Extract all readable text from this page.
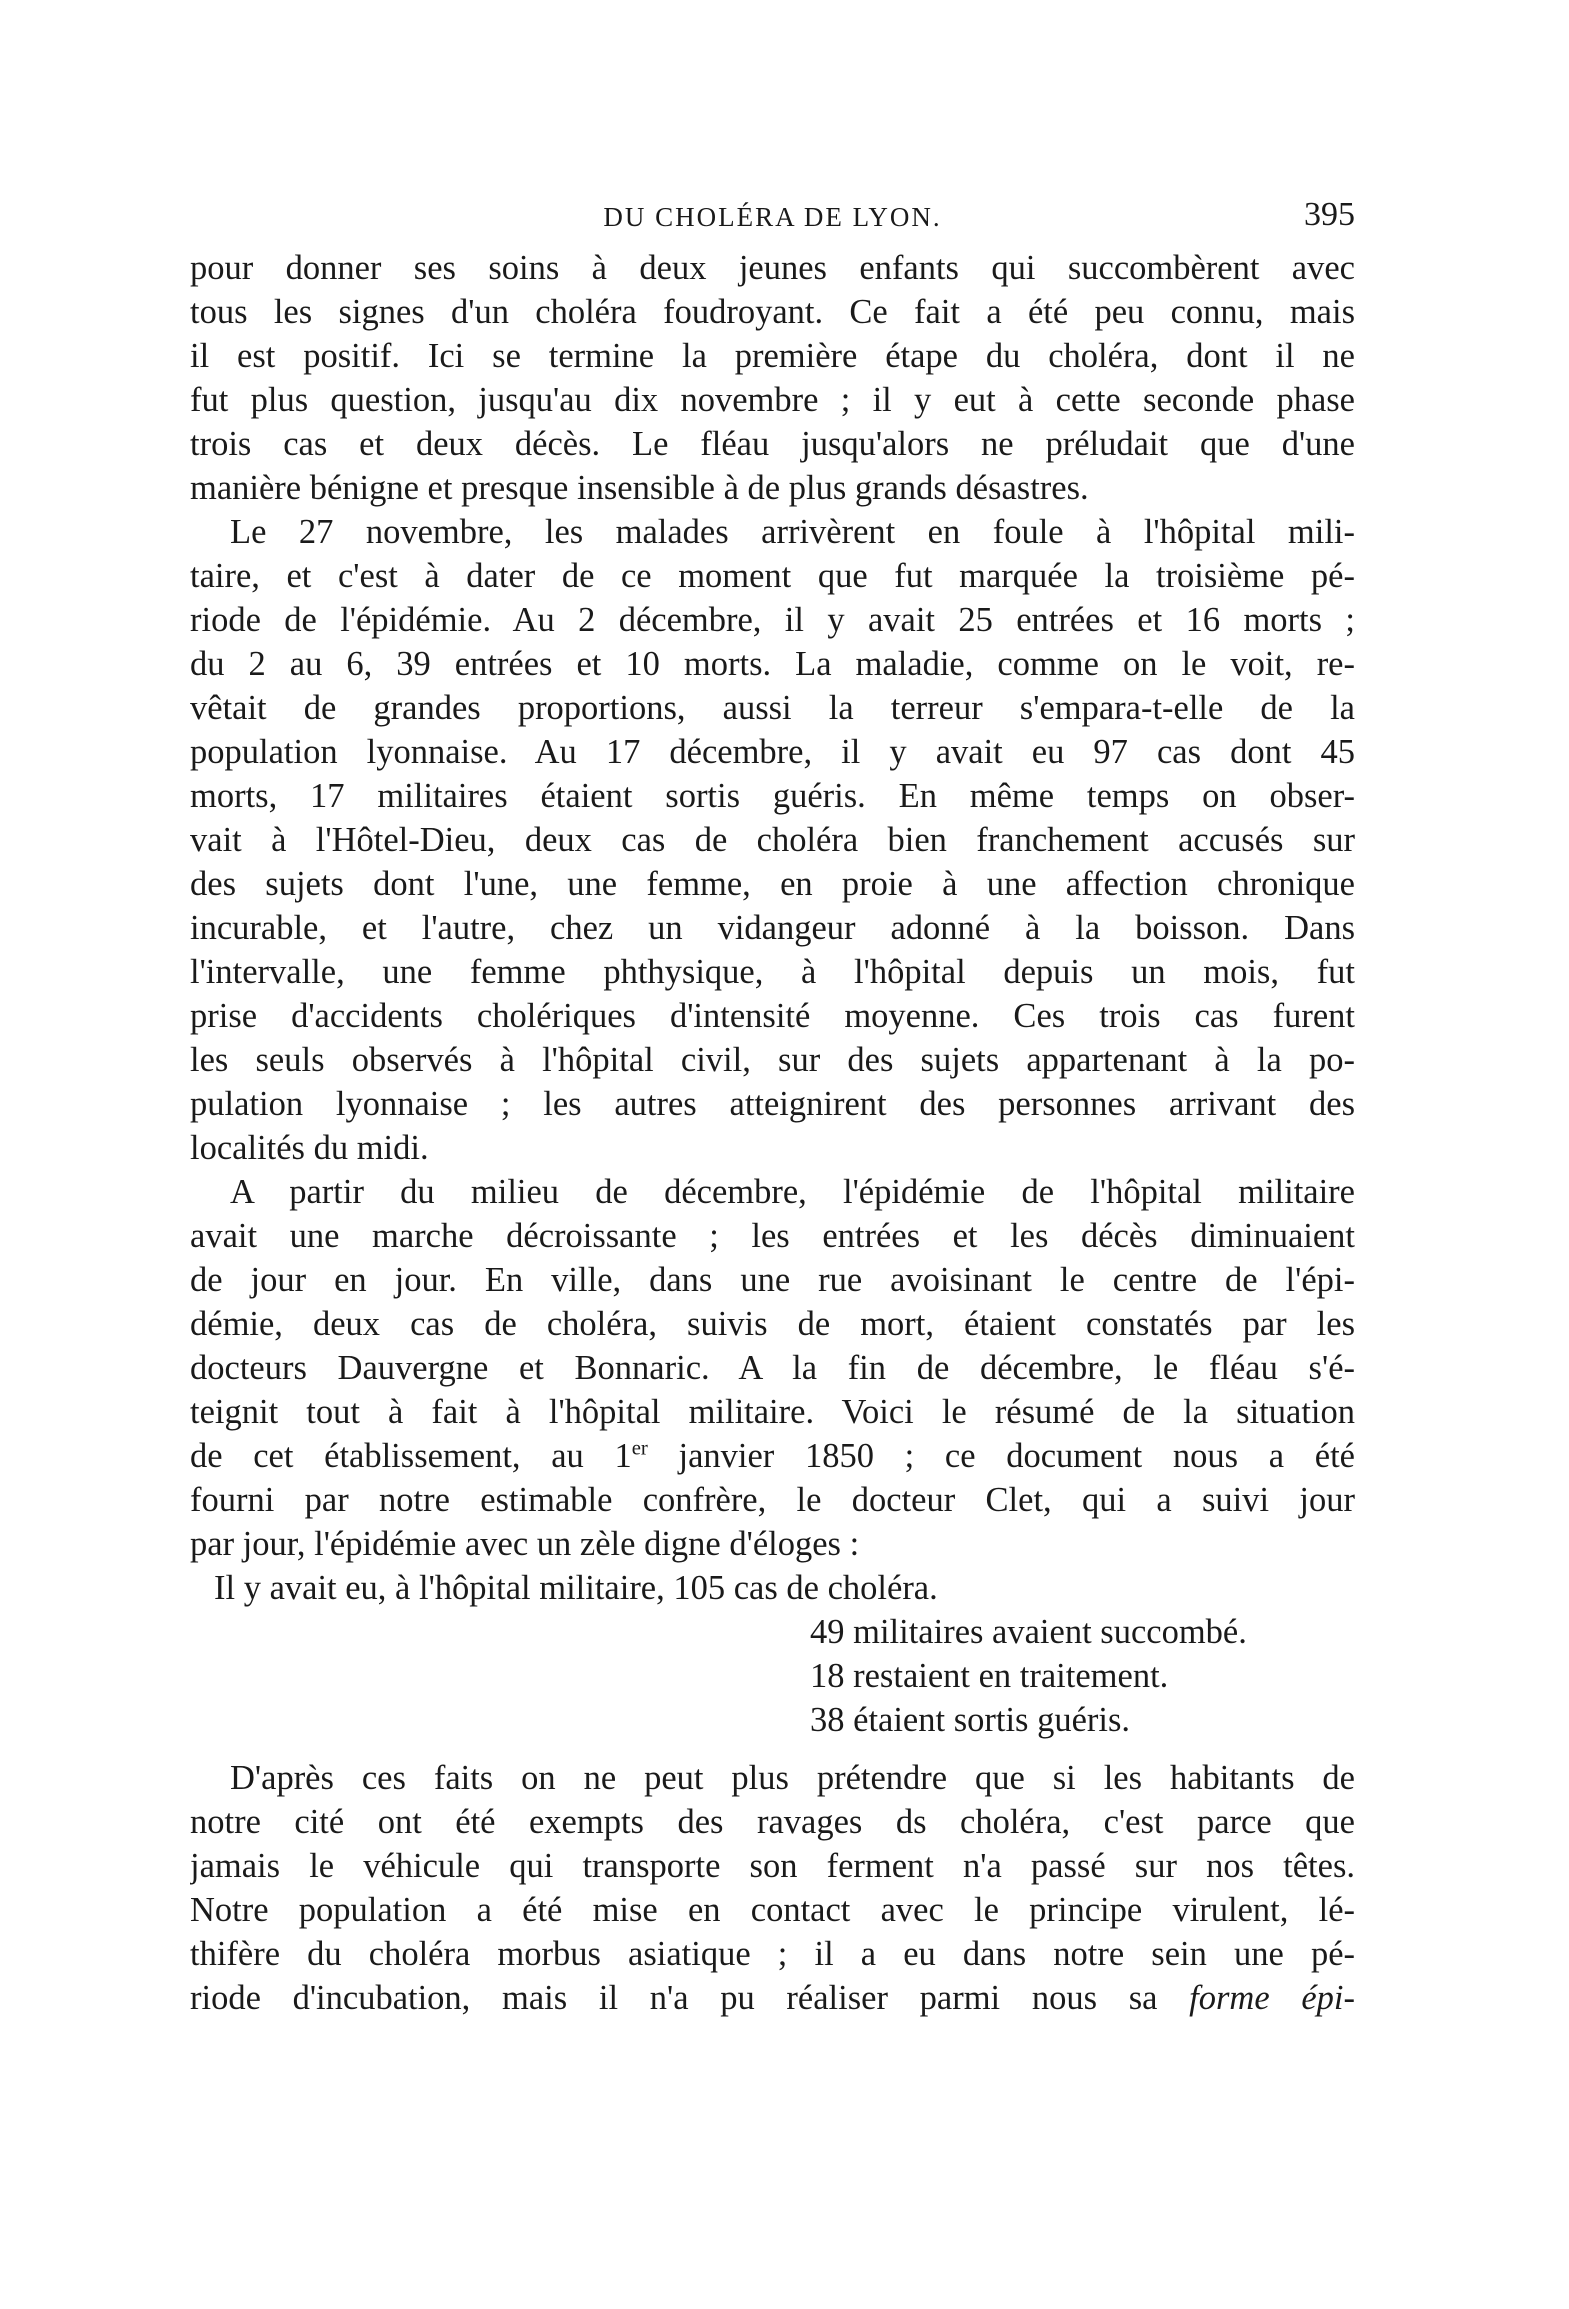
DU CHOLÉRA DE LYON.	395
pour donner ses soins à deux jeunes enfants qui succombèrent avec
tous les signes d'un choléra foudroyant. Ce fait a été peu connu, mais
il est positif. Ici se termine la première étape du choléra, dont il ne
fut plus question, jusqu'au dix novembre ; il y eut à cette seconde phase
trois cas et deux décès. Le fléau jusqu'alors ne préludait que d'une
manière bénigne et presque insensible à de plus grands désastres.
Le 27 novembre, les malades arrivèrent en foule à l'hôpital mili-
taire, et c'est à dater de ce moment que fut marquée la troisième pé-
riode de l'épidémie. Au 2 décembre, il y avait 25 entrées et 16 morts ;
du 2 au 6, 39 entrées et 10 morts. La maladie, comme on le voit, re-
vêtait de grandes proportions, aussi la terreur s'empara-t-elle de la
population lyonnaise. Au 17 décembre, il y avait eu 97 cas dont 45
morts, 17 militaires étaient sortis guéris. En même temps on obser-
vait à l'Hôtel-Dieu, deux cas de choléra bien franchement accusés sur
des sujets dont l'une, une femme, en proie à une affection chronique
incurable, et l'autre, chez un vidangeur adonné à la boisson. Dans
l'intervalle, une femme phthysique, à l'hôpital depuis un mois, fut
prise d'accidents cholériques d'intensité moyenne. Ces trois cas furent
les seuls observés à l'hôpital civil, sur des sujets appartenant à la po-
pulation lyonnaise ; les autres atteignirent des personnes arrivant des
localités du midi.
A partir du milieu de décembre, l'épidémie de l'hôpital militaire
avait une marche décroissante ; les entrées et les décès diminuaient
de jour en jour. En ville, dans une rue avoisinant le centre de l'épi-
démie, deux cas de choléra, suivis de mort, étaient constatés par les
docteurs Dauvergne et Bonnaric. A la fin de décembre, le fléau s'é-
teignit tout à fait à l'hôpital militaire. Voici le résumé de la situation
de cet établissement, au 1er janvier 1850 ; ce document nous a été
fourni par notre estimable confrère, le docteur Clet, qui a suivi jour
par jour, l'épidémie avec un zèle digne d'éloges :
Il y avait eu, à l'hôpital militaire, 105 cas de choléra.
49 militaires avaient succombé.
18 restaient en traitement.
38 étaient sortis guéris.
D'après ces faits on ne peut plus prétendre que si les habitants de
notre cité ont été exempts des ravages ds choléra, c'est parce que
jamais le véhicule qui transporte son ferment n'a passé sur nos têtes.
Notre population a été mise en contact avec le principe virulent, lé-
thifère du choléra morbus asiatique ; il a eu dans notre sein une pé-
riode d'incubation, mais il n'a pu réaliser parmi nous sa forme épi-
